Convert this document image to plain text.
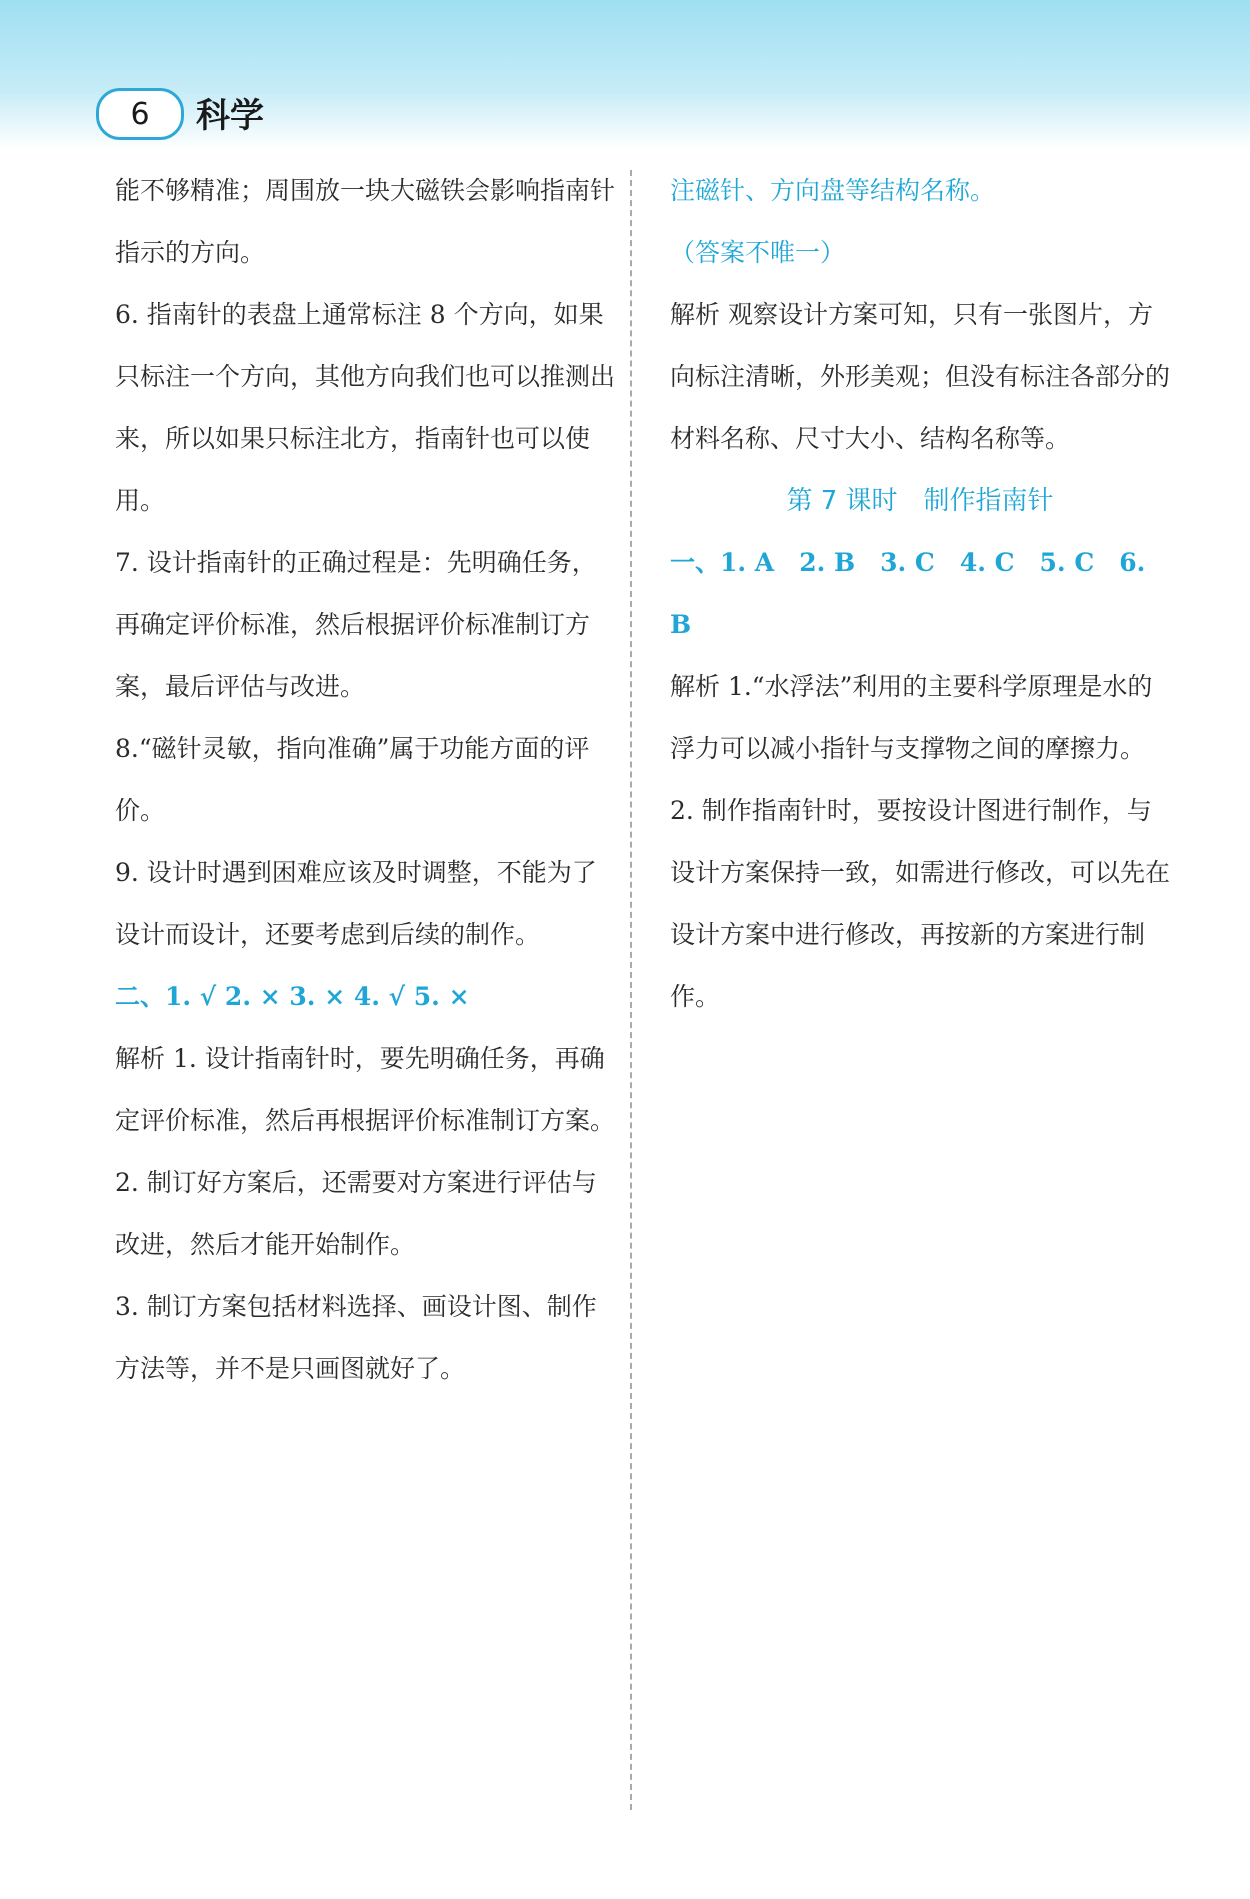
6	科学

能不够精准；周围放一块大磁铁会影响指南针指示的方向。

6. 指南针的表盘上通常标注 8 个方向，如果只标注一个方向，其他方向我们也可以推测出来，所以如果只标注北方，指南针也可以使用。

7. 设计指南针的正确过程是：先明确任务，再确定评价标准，然后根据评价标准制订方案，最后评估与改进。

8.“磁针灵敏，指向准确”属于功能方面的评价。

9. 设计时遇到困难应该及时调整，不能为了设计而设计，还要考虑到后续的制作。

二、1. √ 2. × 3. × 4. √ 5. ×

解析 1. 设计指南针时，要先明确任务，再确定评价标准，然后再根据评价标准制订方案。

2. 制订好方案后，还需要对方案进行评估与改进，然后才能开始制作。

3. 制订方案包括材料选择、画设计图、制作方法等，并不是只画图就好了。

注磁针、方向盘等结构名称。

（答案不唯一）

解析 观察设计方案可知，只有一张图片，方向标注清晰，外形美观；但没有标注各部分的材料名称、尺寸大小、结构名称等。

第 7 课时　制作指南针

一、1. A　2. B　3. C　4. C　5. C　6. B

解析 1.“水浮法”利用的主要科学原理是水的浮力可以减小指针与支撑物之间的摩擦力。

2. 制作指南针时，要按设计图进行制作，与设计方案保持一致，如需进行修改，可以先在设计方案中进行修改，再按新的方案进行制作。
